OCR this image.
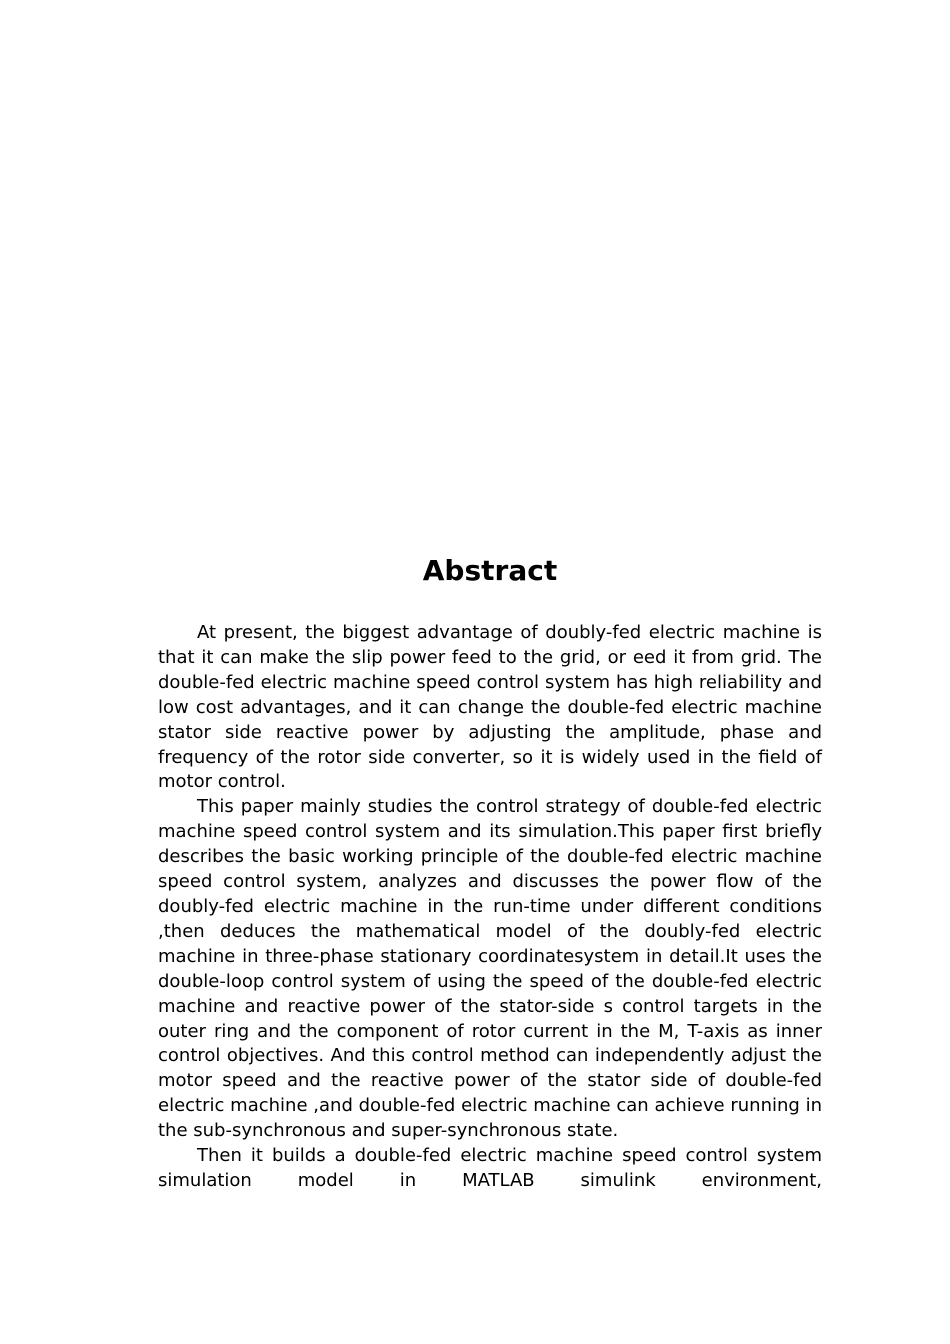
Abstract

At present, the biggest advantage of doubly-fed electric machine is that it can make the slip power feed to the grid, or eed it from grid. The double-fed electric machine speed control system has high reliability and low cost advantages, and it can change the double-fed electric machine stator side reactive power by adjusting the amplitude, phase and frequency of the rotor side converter, so it is widely used in the field of motor control.

This paper mainly studies the control strategy of double-fed electric machine speed control system and its simulation.This paper first briefly describes the basic working principle of the double-fed electric machine speed control system, analyzes and discusses the power flow of the doubly-fed electric machine in the run-time under different conditions ,then deduces the mathematical model of the doubly-fed electric machine in three-phase stationary coordinatesystem in detail.It uses the double-loop control system of using the speed of the double-fed electric machine and reactive power of the stator-side s control targets in the outer ring and the component of rotor current in the M, T-axis as inner control objectives. And this control method can independently adjust the motor speed and the reactive power of the stator side of double-fed electric machine ,and double-fed electric machine can achieve running in the sub-synchronous and super-synchronous state.

Then it builds a double-fed electric machine speed control system simulation model in MATLAB simulink environment,
